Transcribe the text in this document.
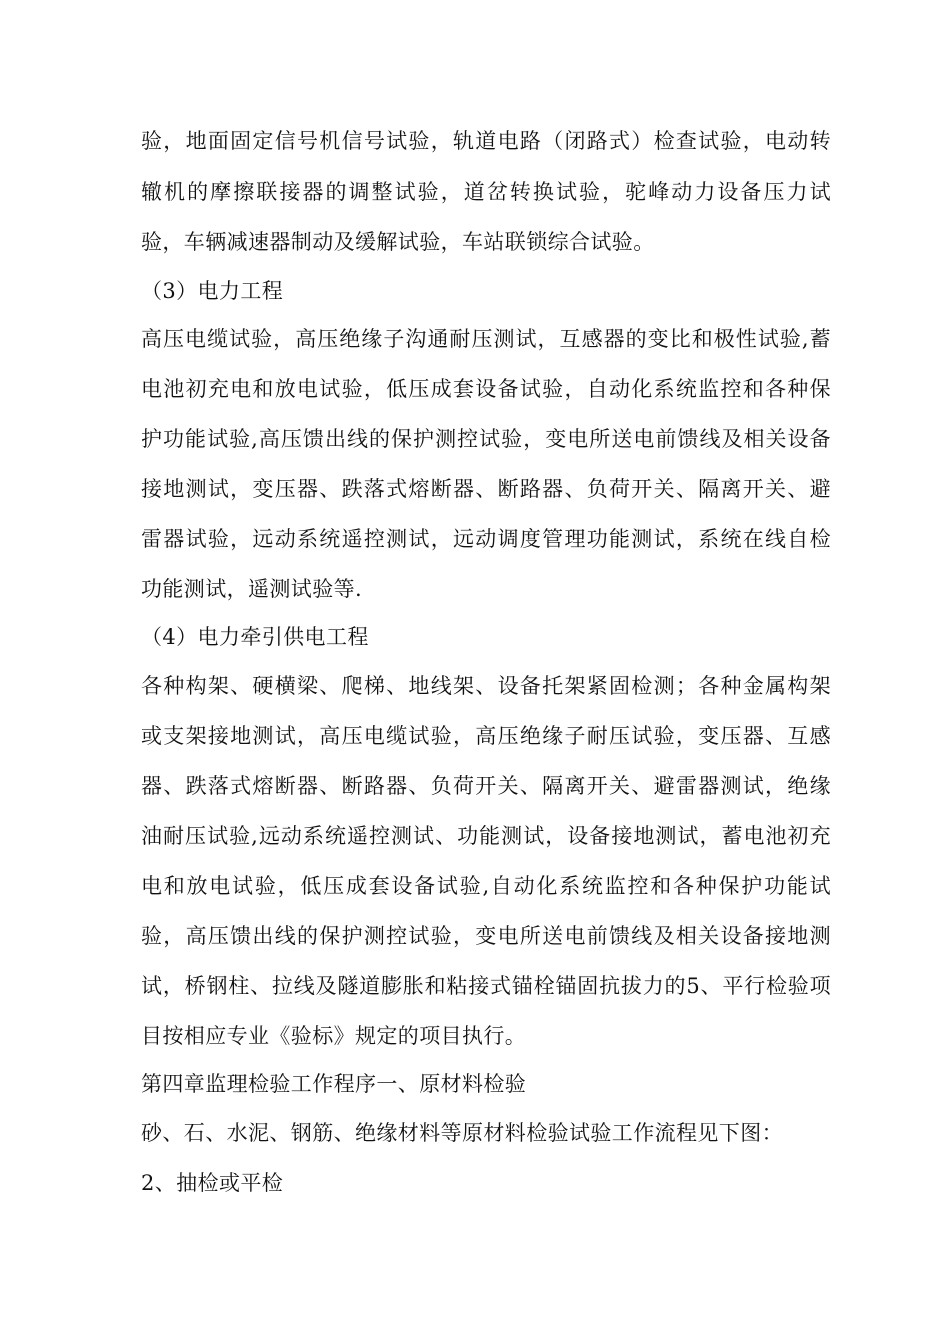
验，地面固定信号机信号试验，轨道电路（闭路式）检查试验，电动转
辙机的摩擦联接器的调整试验，道岔转换试验，驼峰动力设备压力试
验，车辆减速器制动及缓解试验，车站联锁综合试验。
（3）电力工程
高压电缆试验，高压绝缘子沟通耐压测试，互感器的变比和极性试验,蓄
电池初充电和放电试验，低压成套设备试验，自动化系统监控和各种保
护功能试验,高压馈出线的保护测控试验，变电所送电前馈线及相关设备
接地测试，变压器、跌落式熔断器、断路器、负荷开关、隔离开关、避
雷器试验，远动系统遥控测试，远动调度管理功能测试，系统在线自检
功能测试，遥测试验等.
（4）电力牵引供电工程
各种构架、硬横梁、爬梯、地线架、设备托架紧固检测；各种金属构架
或支架接地测试，高压电缆试验，高压绝缘子耐压试验，变压器、互感
器、跌落式熔断器、断路器、负荷开关、隔离开关、避雷器测试，绝缘
油耐压试验,远动系统遥控测试、功能测试，设备接地测试，蓄电池初充
电和放电试验，低压成套设备试验,自动化系统监控和各种保护功能试
验，高压馈出线的保护测控试验，变电所送电前馈线及相关设备接地测
试，桥钢柱、拉线及隧道膨胀和粘接式锚栓锚固抗拔力的5、平行检验项
目按相应专业《验标》规定的项目执行。
第四章监理检验工作程序一、原材料检验
砂、石、水泥、钢筋、绝缘材料等原材料检验试验工作流程见下图：
2、抽检或平检
